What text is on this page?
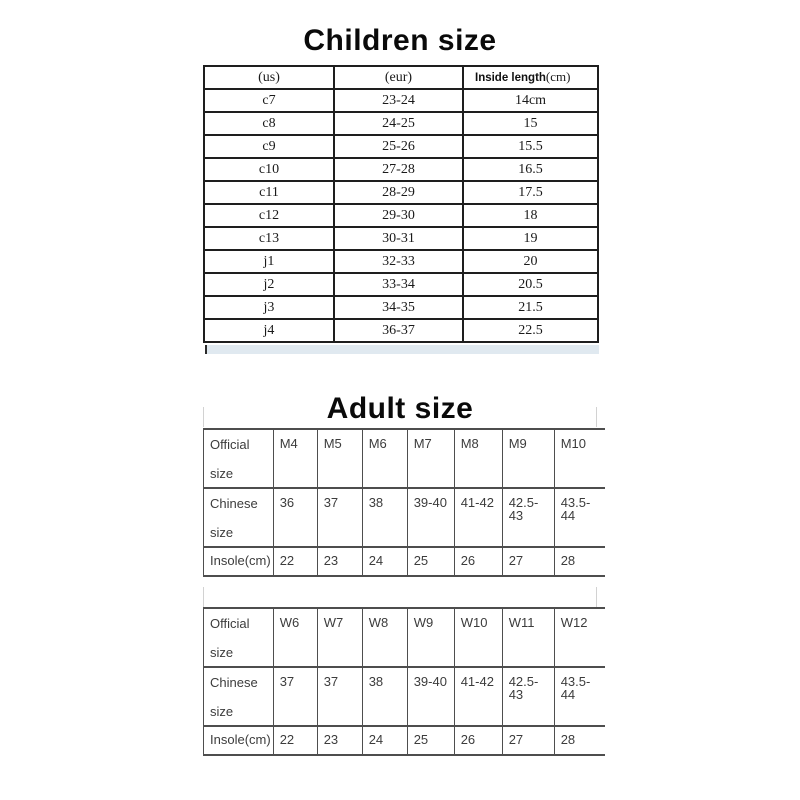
Children size
(us)	(eur)	Inside length(cm)
c7	23-24	14cm
c8	24-25	15
c9	25-26	15.5
c10	27-28	16.5
c11	28-29	17.5
c12	29-30	18
c13	30-31	19
j1	32-33	20
j2	33-34	20.5
j3	34-35	21.5
j4	36-37	22.5
Adult size
Official
size	M4	M5	M6	M7	M8	M9	M10

Chinese
size	36	37	38	39-40	41-42	42.5-43	43.5-44
Insole(cm)	22	23	24	25	26	27	28
Official
size	W6	W7	W8	W9	W10	W11	W12

Chinese
size	37	37	38	39-40	41-42	42.5-43	43.5-44
Insole(cm)	22	23	24	25	26	27	28
